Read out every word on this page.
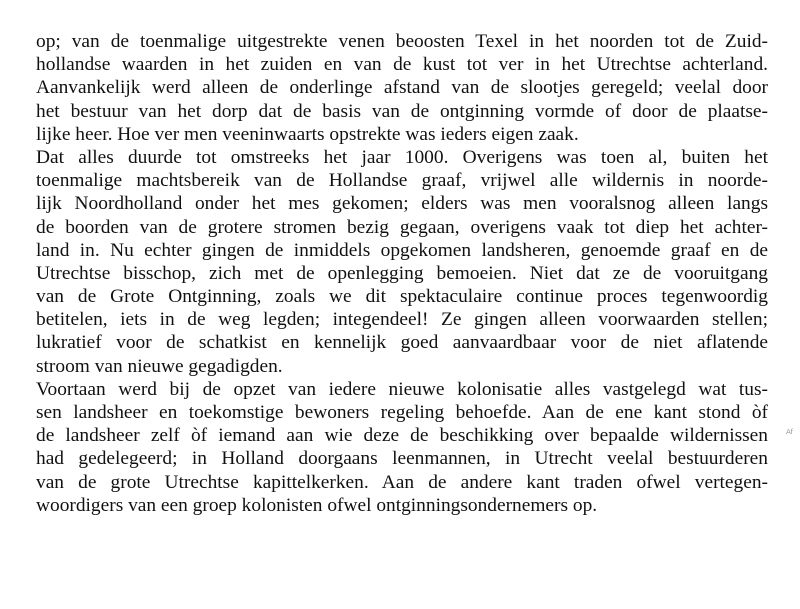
op; van de toenmalige uitgestrekte venen beoosten Texel in het noorden tot de Zuid-
hollandse waarden in het zuiden en van de kust tot ver in het Utrechtse achterland.
Aanvankelijk werd alleen de onderlinge afstand van de slootjes geregeld; veelal door
het bestuur van het dorp dat de basis van de ontginning vormde of door de plaatse-
lijke heer. Hoe ver men veeninwaarts opstrekte was ieders eigen zaak.
Dat alles duurde tot omstreeks het jaar 1000. Overigens was toen al, buiten het
toenmalige machtsbereik van de Hollandse graaf, vrijwel alle wildernis in noorde-
lijk Noordholland onder het mes gekomen; elders was men vooralsnog alleen langs
de boorden van de grotere stromen bezig gegaan, overigens vaak tot diep het achter-
land in. Nu echter gingen de inmiddels opgekomen landsheren, genoemde graaf en de
Utrechtse bisschop, zich met de openlegging bemoeien. Niet dat ze de vooruitgang
van de Grote Ontginning, zoals we dit spektaculaire continue proces tegenwoordig
betitelen, iets in de weg legden; integendeel! Ze gingen alleen voorwaarden stellen;
lukratief voor de schatkist en kennelijk goed aanvaardbaar voor de niet aflatende
stroom van nieuwe gegadigden.
Voortaan werd bij de opzet van iedere nieuwe kolonisatie alles vastgelegd wat tus-
sen landsheer en toekomstige bewoners regeling behoefde. Aan de ene kant stond òf
de landsheer zelf òf iemand aan wie deze de beschikking over bepaalde wildernissen
had gedelegeerd; in Holland doorgaans leenmannen, in Utrecht veelal bestuurderen
van de grote Utrechtse kapittelkerken. Aan de andere kant traden ofwel vertegen-
woordigers van een groep kolonisten ofwel ontginningsondernemers op.
Af
